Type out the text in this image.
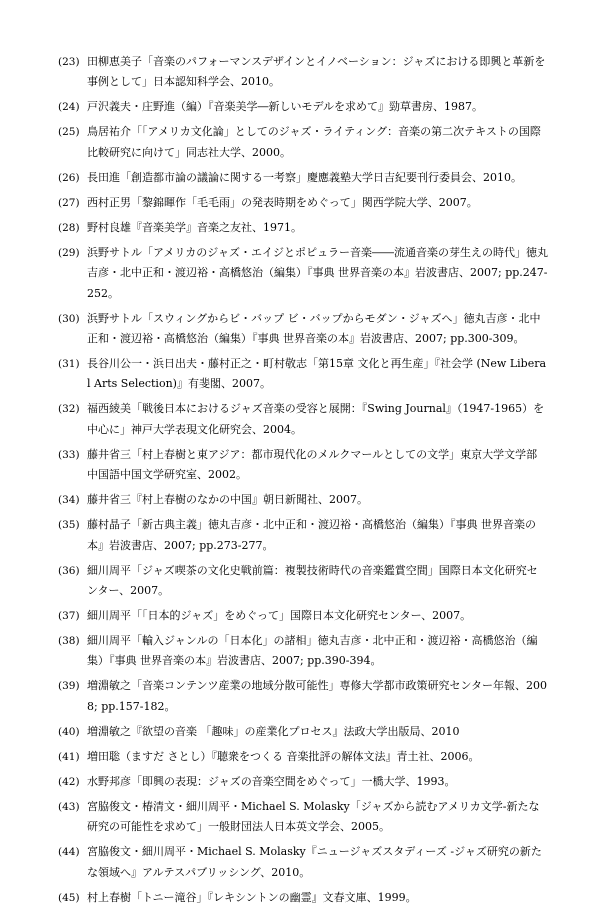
(23) 田柳恵美子「音楽のパフォーマンスデザインとイノベーション：ジャズにおける即興と革新を事例として」日本認知科学会、2010。
(24) 戸沢義夫・庄野進（編）『音楽美学―新しいモデルを求めて』勁草書房、1987。
(25) 鳥居祐介「「アメリカ文化論」としてのジャズ・ライティング：音楽の第二次テキストの国際比較研究に向けて」同志社大学、2000。
(26) 長田進「創造都市論の議論に関する一考察」慶應義塾大学日吉紀要刊行委員会、2010。
(27) 西村正男「黎錦暉作「毛毛雨」の発表時期をめぐって」関西学院大学、2007。
(28) 野村良雄『音楽美学』音楽之友社、1971。
(29) 浜野サトル「アメリカのジャズ・エイジとポピュラー音楽――流通音楽の芽生えの時代」徳丸吉彦・北中正和・渡辺裕・高橋悠治（編集）『事典 世界音楽の本』岩波書店、2007; pp.247-252。
(30) 浜野サトル「スウィングからビ・バップ ビ・バップからモダン・ジャズへ」徳丸吉彦・北中正和・渡辺裕・高橋悠治（編集）『事典 世界音楽の本』岩波書店、2007; pp.300-309。
(31) 長谷川公一・浜日出夫・藤村正之・町村敬志「第15章 文化と再生産」『社会学 (New Liberal Arts Selection)』有斐閣、2007。
(32) 福西綾美「戦後日本におけるジャズ音楽の受容と展開：『Swing Journal』（1947-1965）を中心に」神戸大学表現文化研究会、2004。
(33) 藤井省三「村上春樹と東アジア：都市現代化のメルクマールとしての文学」東京大学文学部中国語中国文学研究室、2002。
(34) 藤井省三『村上春樹のなかの中国』朝日新聞社、2007。
(35) 藤村晶子「新古典主義」徳丸吉彦・北中正和・渡辺裕・高橋悠治（編集）『事典 世界音楽の本』岩波書店、2007; pp.273-277。
(36) 細川周平「ジャズ喫茶の文化史戦前篇：複製技術時代の音楽鑑賞空間」国際日本文化研究センター、2007。
(37) 細川周平「「日本的ジャズ」をめぐって」国際日本文化研究センター、2007。
(38) 細川周平「輸入ジャンルの「日本化」の諸相」徳丸吉彦・北中正和・渡辺裕・高橋悠治（編集）『事典 世界音楽の本』岩波書店、2007; pp.390-394。
(39) 増淵敏之「音楽コンテンツ産業の地域分散可能性」専修大学都市政策研究センター年報、2008; pp.157-182。
(40) 増淵敏之『欲望の音楽 「趣味」の産業化プロセス』法政大学出版局、2010
(41) 増田聡（ますだ さとし）『聴衆をつくる 音楽批評の解体文法』青土社、2006。
(42) 水野邦彦「即興の表現：ジャズの音楽空間をめぐって」一橋大学、1993。
(43) 宮脇俊文・椿清文・細川周平・Michael S. Molasky「ジャズから読むアメリカ文学-新たな研究の可能性を求めて」一般財団法人日本英文学会、2005。
(44) 宮脇俊文・細川周平・Michael S. Molasky『ニュージャズスタディーズ -ジャズ研究の新たな領域へ』アルテスパブリッシング、2010。
(45) 村上春樹「トニー滝谷」『レキシントンの幽霊』文春文庫、1999。
